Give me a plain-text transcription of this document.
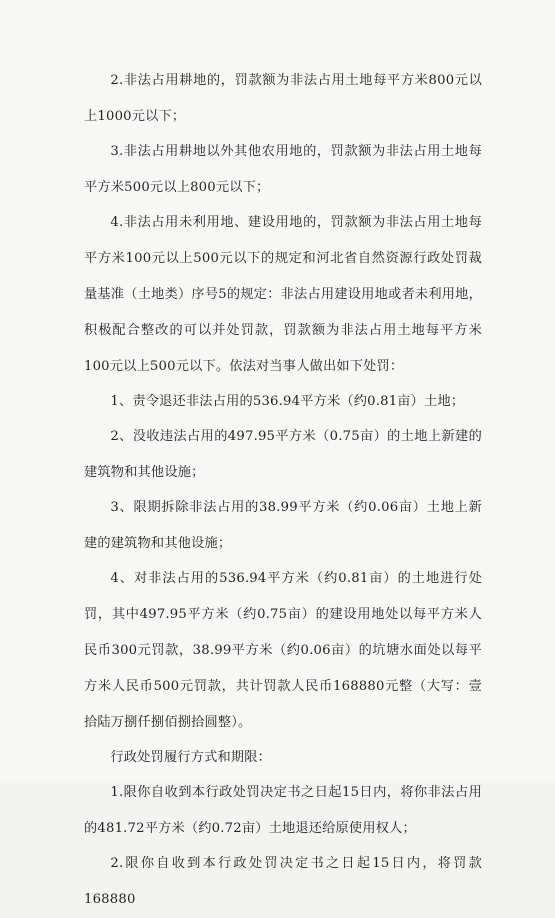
2.非法占用耕地的，罚款额为非法占用土地每平方米800元以上1000元以下；

3.非法占用耕地以外其他农用地的，罚款额为非法占用土地每平方米500元以上800元以下；

4.非法占用未利用地、建设用地的，罚款额为非法占用土地每平方米100元以上500元以下的规定和河北省自然资源行政处罚裁量基准（土地类）序号5的规定：非法占用建设用地或者未利用地，积极配合整改的可以并处罚款，罚款额为非法占用土地每平方米100元以上500元以下。依法对当事人做出如下处罚：

1、责令退还非法占用的536.94平方米（约0.81亩）土地；

2、没收违法占用的497.95平方米（0.75亩）的土地上新建的建筑物和其他设施；

3、限期拆除非法占用的38.99平方米（约0.06亩）土地上新建的建筑物和其他设施；

4、对非法占用的536.94平方米（约0.81亩）的土地进行处罚，其中497.95平方米（约0.75亩）的建设用地处以每平方米人民币300元罚款，38.99平方米（约0.06亩）的坑塘水面处以每平方米人民币500元罚款，共计罚款人民币168880元整（大写：壹拾陆万捌仟捌佰捌拾圆整）。

行政处罚履行方式和期限：

1.限你自收到本行政处罚决定书之日起15日内，将你非法占用的481.72平方米（约0.72亩）土地退还给原使用权人；

2.限你自收到本行政处罚决定书之日起15日内，将罚款168880
